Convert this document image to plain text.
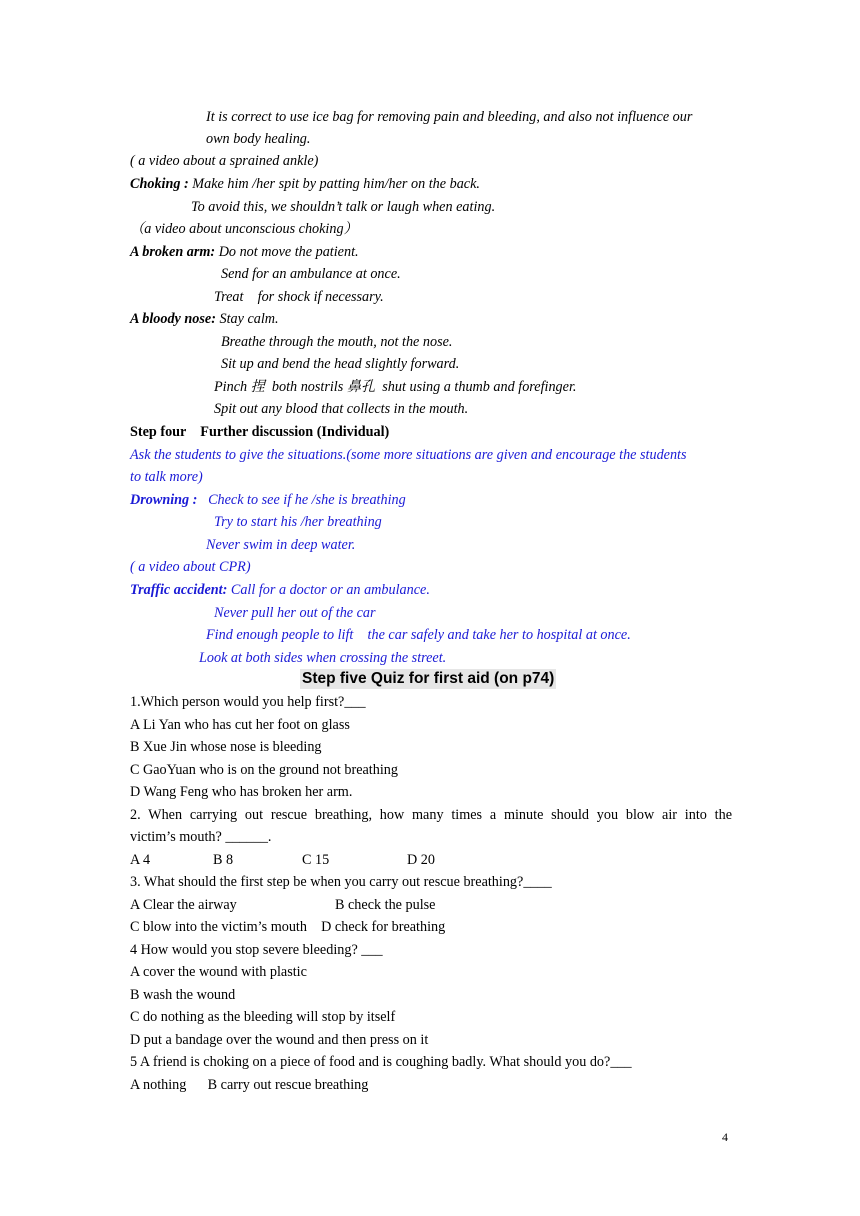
It is correct to use ice bag for removing pain and bleeding, and also not influence our
own body healing.
( a video about a sprained ankle)
Choking : Make him /her spit by patting him/her on the back.
To avoid this, we shouldn’t talk or laugh when eating.
（a video about unconscious choking）
A broken arm: Do not move the patient.
Send for an ambulance at once.
Treat    for shock if necessary.
A bloody nose: Stay calm.
Breathe through the mouth, not the nose.
Sit up and bend the head slightly forward.
Pinch 捏  both nostrils 鼻孔  shut using a thumb and forefinger.
Spit out any blood that collects in the mouth.
Step four    Further discussion (Individual)
Ask the students to give the situations.(some more situations are given and encourage the students
to talk more)
Drowning :   Check to see if he /she is breathing
Try to start his /her breathing
Never swim in deep water.
( a video about CPR)
Traffic accident: Call for a doctor or an ambulance.
Never pull her out of the car
Find enough people to lift    the car safely and take her to hospital at once.
Look at both sides when crossing the street.
Step five Quiz for first aid (on p74)
1.Which person would you help first?___
A Li Yan who has cut her foot on glass
B Xue Jin whose nose is bleeding
C GaoYuan who is on the ground not breathing
D Wang Feng who has broken her arm.
2. When carrying out rescue breathing, how many times a minute should you blow air into the
victim’s mouth? ______.
A 4	B 8	C 15	D 20
3. What should the first step be when you carry out rescue breathing?____
A Clear the airway	B check the pulse
C blow into the victim’s mouth    D check for breathing
4 How would you stop severe bleeding? ___
A cover the wound with plastic
B wash the wound
C do nothing as the bleeding will stop by itself
D put a bandage over the wound and then press on it
5 A friend is choking on a piece of food and is coughing badly. What should you do?___
A nothing      B carry out rescue breathing
4
